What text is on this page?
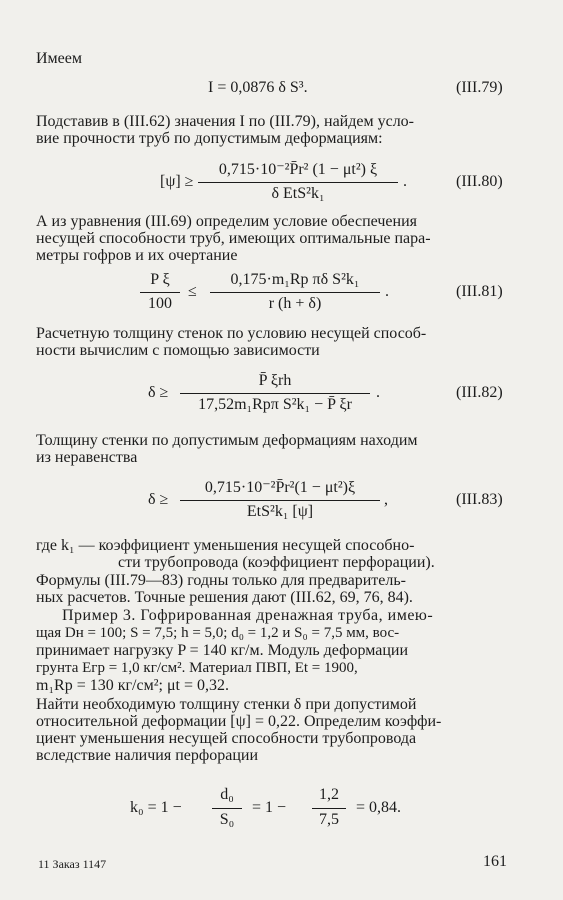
Имеем
I = 0,0876 δ S³.	(III.79)
Подставив в (III.62) значения I по (III.79), найдем усло-
вие прочности труб по допустимым деформациям:
[ψ] ≥
0,715·10⁻²P̄r² (1 − μt²) ξ
δ EtS²k₁
.	(III.80)
А из уравнения (III.69) определим условие обеспечения
несущей способности труб, имеющих оптимальные пара-
метры гофров и их очертание
P ξ
100
≤
0,175·m₁Rр πδ S²k₁
r (h + δ)
.	(III.81)
Расчетную толщину стенок по условию несущей способ-
ности вычислим с помощью зависимости
δ ≥
P̄ ξrh
17,52m₁Rрπ S²k₁ − P̄ ξr
.	(III.82)
Толщину стенки по допустимым деформациям находим
из неравенства
δ ≥
0,715·10⁻²P̄r²(1 − μt²)ξ
EtS²k₁ [ψ]
,	(III.83)
где k₁ — коэффициент уменьшения несущей способно-
сти трубопровода (коэффициент перфорации).
Формулы (III.79—83) годны только для предваритель-
ных расчетов. Точные решения дают (III.62, 69, 76, 84).
Пример 3. Гофрированная дренажная труба, имею-
щая Dн = 100; S = 7,5; h = 5,0; d₀ = 1,2 и S₀ = 7,5 мм, вос-
принимает нагрузку P = 140 кг/м. Модуль деформации
грунта Eгр = 1,0 кг/см². Материал ПВП, Et = 1900,
m₁Rр = 130 кг/см²; μt = 0,32.
Найти необходимую толщину стенки δ при допустимой
относительной деформации [ψ] = 0,22. Определим коэффи-
циент уменьшения несущей способности трубопровода
вследствие наличия перфорации
k₀ = 1 −
d₀
S₀
= 1 −
1,2
7,5
= 0,84.
11 Заказ 1147	161
